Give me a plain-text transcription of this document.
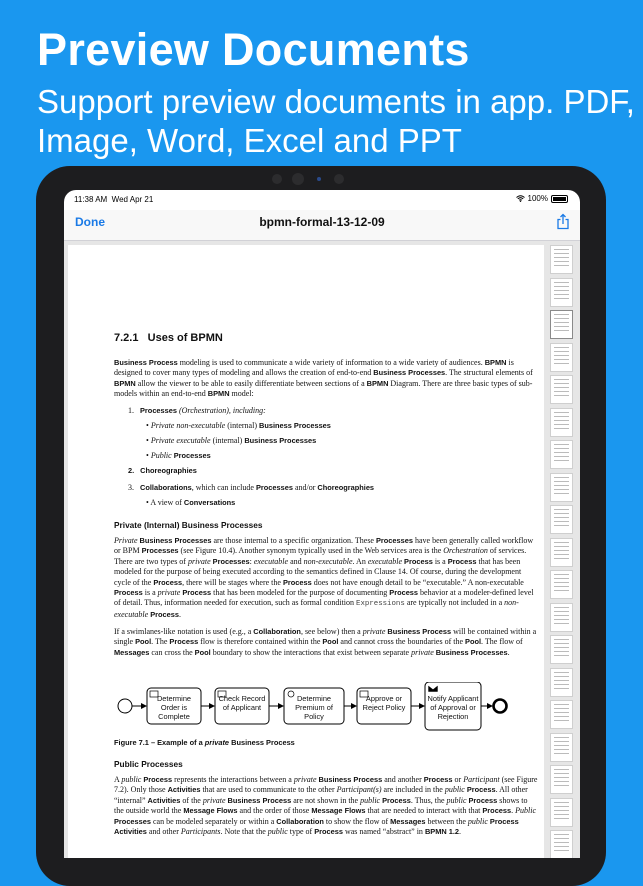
Preview Documents
Support preview documents in app. PDF, Image, Word, Excel and PPT
11:38 AM Wed Apr 21	100%
Done	bpmn-formal-13-12-09
7.2.1 Uses of BPMN

Business Process modeling is used to communicate a wide variety of information to a wide variety of audiences. BPMN is designed to cover many types of modeling and allows the creation of end-to-end Business Processes. The structural elements of BPMN allow the viewer to be able to easily differentiate between sections of a BPMN Diagram. There are three basic types of sub-models within an end-to-end BPMN model:

1. Processes (Orchestration), including:
• Private non-executable (internal) Business Processes
• Private executable (internal) Business Processes
• Public Processes
2. Choreographies
3. Collaborations, which can include Processes and/or Choreographies
• A view of Conversations
Private (Internal) Business Processes

Private Business Processes are those internal to a specific organization. These Processes have been generally called workflow or BPM Processes (see Figure 10.4). Another synonym typically used in the Web services area is the Orchestration of services. There are two types of private Processes: executable and non-executable. An executable Process is a Process that has been modeled for the purpose of being executed according to the semantics defined in Clause 14. Of course, during the development cycle of the Process, there will be stages where the Process does not have enough detail to be “executable.” A non-executable Process is a private Process that has been modeled for the purpose of documenting Process behavior at a modeler-defined level of detail. Thus, information needed for execution, such as formal condition Expressions are typically not included in a non-executable Process.

If a swimlanes-like notation is used (e.g., a Collaboration, see below) then a private Business Process will be contained within a single Pool. The Process flow is therefore contained within the Pool and cannot cross the boundaries of the Pool. The flow of Messages can cross the Pool boundary to show the interactions that exist between separate private Business Processes.

Determine Order is Complete
Check Record of Applicant
Determine Premium of Policy
Approve or Reject Policy
Notify Applicant of Approval or Rejection
Figure 7.1 – Example of a private Business Process
Public Processes

A public Process represents the interactions between a private Business Process and another Process or Participant (see Figure 7.2). Only those Activities that are used to communicate to the other Participant(s) are included in the public Process. All other “internal” Activities of the private Business Process are not shown in the public Process. Thus, the public Process shows to the outside world the Message Flows and the order of those Message Flows that are needed to interact with that Process. Public Processes can be modeled separately or within a Collaboration to show the flow of Messages between the public Process Activities and other Participants. Note that the public type of Process was named “abstract” in BPMN 1.2.
